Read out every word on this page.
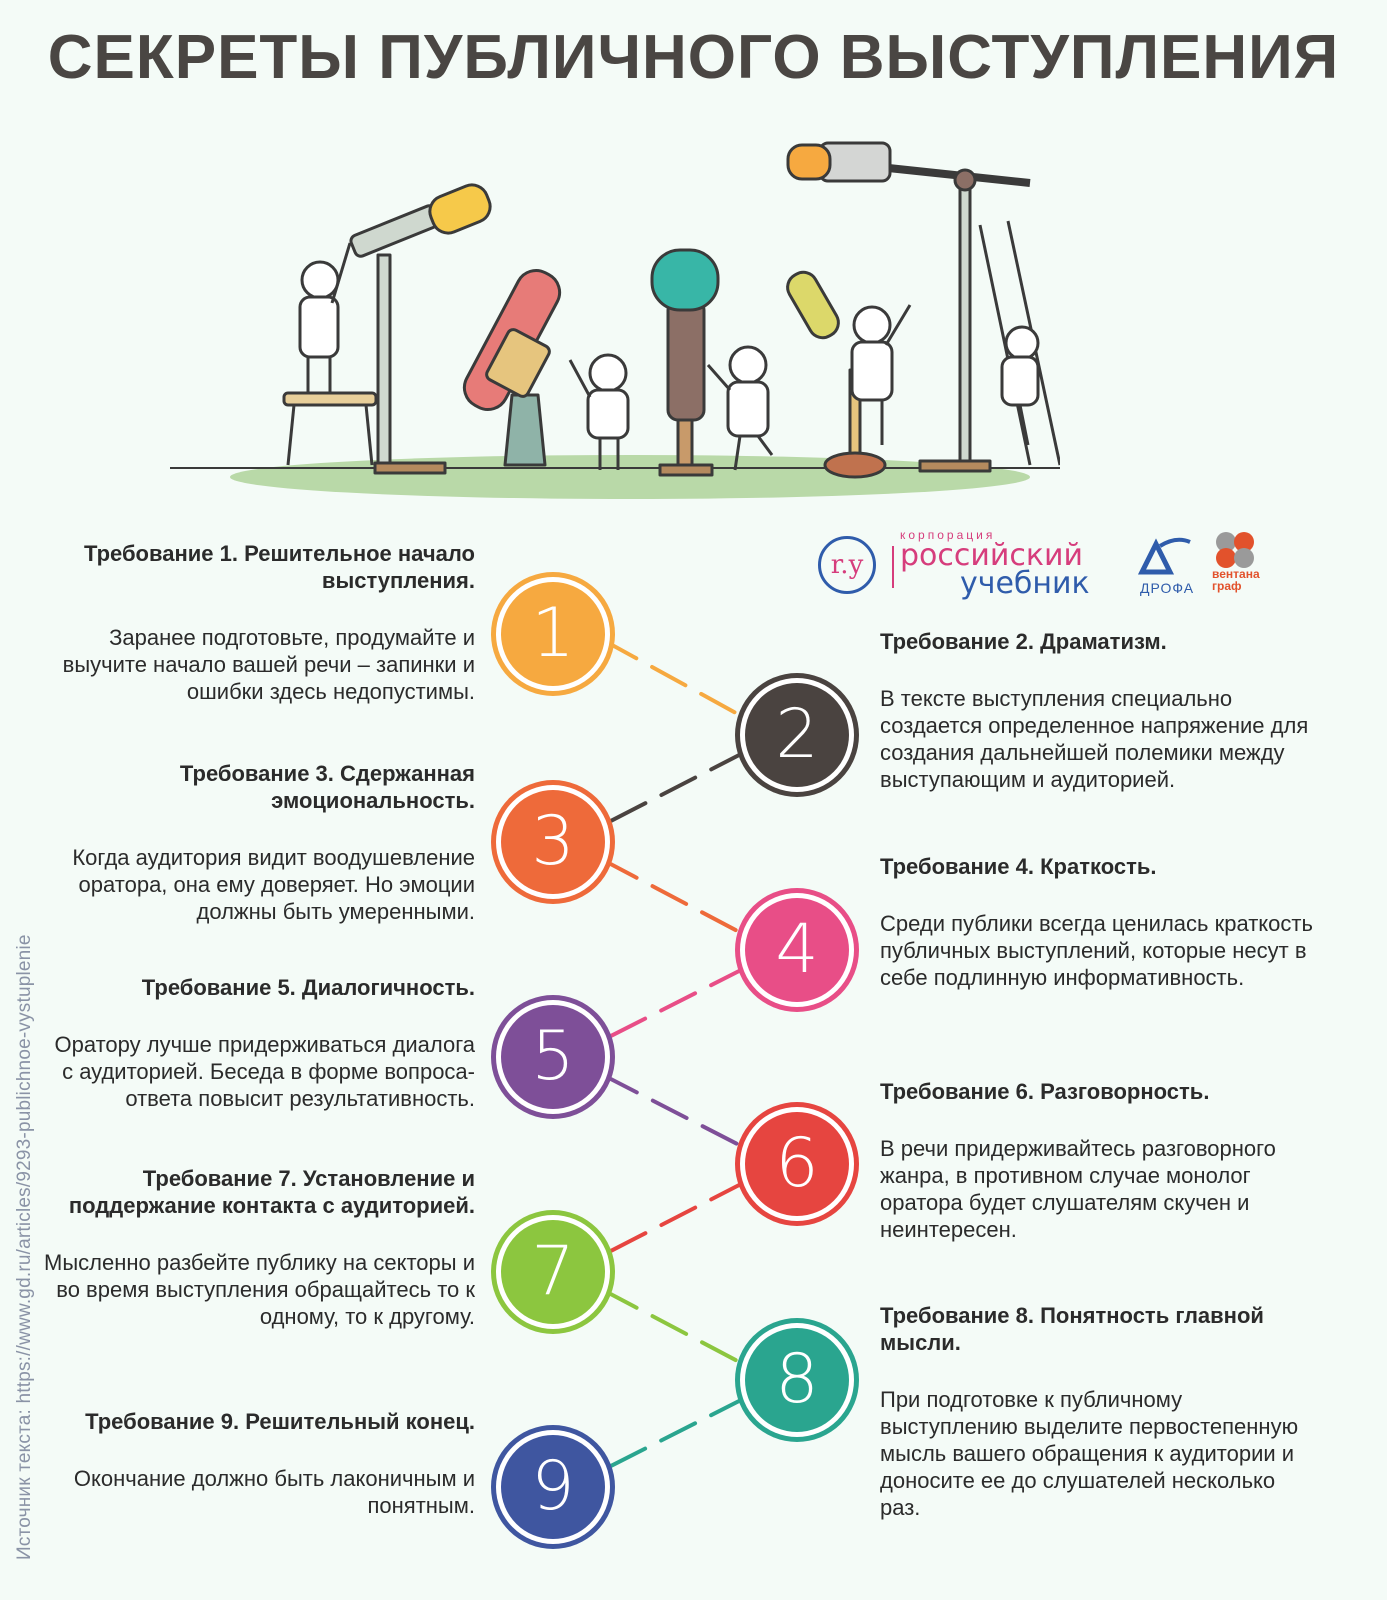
СЕКРЕТЫ ПУБЛИЧНОГО ВЫСТУПЛЕНИЯ
r.y
корпорация
российский
учебник	ДРОФА
вентана
граф
1
2
3
4
5
6
7
8
9

Требование 1. Решительное начало выступления.

Заранее подготовьте, продумайте и выучите начало вашей речи – запинки и ошибки здесь недопустимы.

Требование 3. Сдержанная эмоциональность.

Когда аудитория видит воодушевление оратора, она ему доверяет. Но эмоции должны быть умеренными.

Требование 5. Диалогичность.

Оратору лучше придерживаться диалога с аудиторией. Беседа в форме вопроса-ответа повысит результативность.

Требование 7. Установление и поддержание контакта с аудиторией.

Мысленно разбейте публику на секторы и во время выступления обращайтесь то к одному, то к другому.

Требование 9. Решительный конец.

Окончание должно быть лаконичным и понятным.

Требование 2. Драматизм.

В тексте выступления специально создается определенное напряжение для создания дальнейшей полемики между выступающим и аудиторией.

Требование 4. Краткость.

Среди публики всегда ценилась краткость публичных выступлений, которые несут в себе подлинную информативность.

Требование 6. Разговорность.

В речи придерживайтесь разговорного жанра, в противном случае монолог оратора будет слушателям скучен и неинтересен.

Требование 8. Понятность главной мысли.

При подготовке к публичному выступлению выделите первостепенную мысль вашего обращения к аудитории и доносите ее до слушателей несколько раз.

Источник текста: https://www.gd.ru/articles/9293-publichnoe-vystuplenie
